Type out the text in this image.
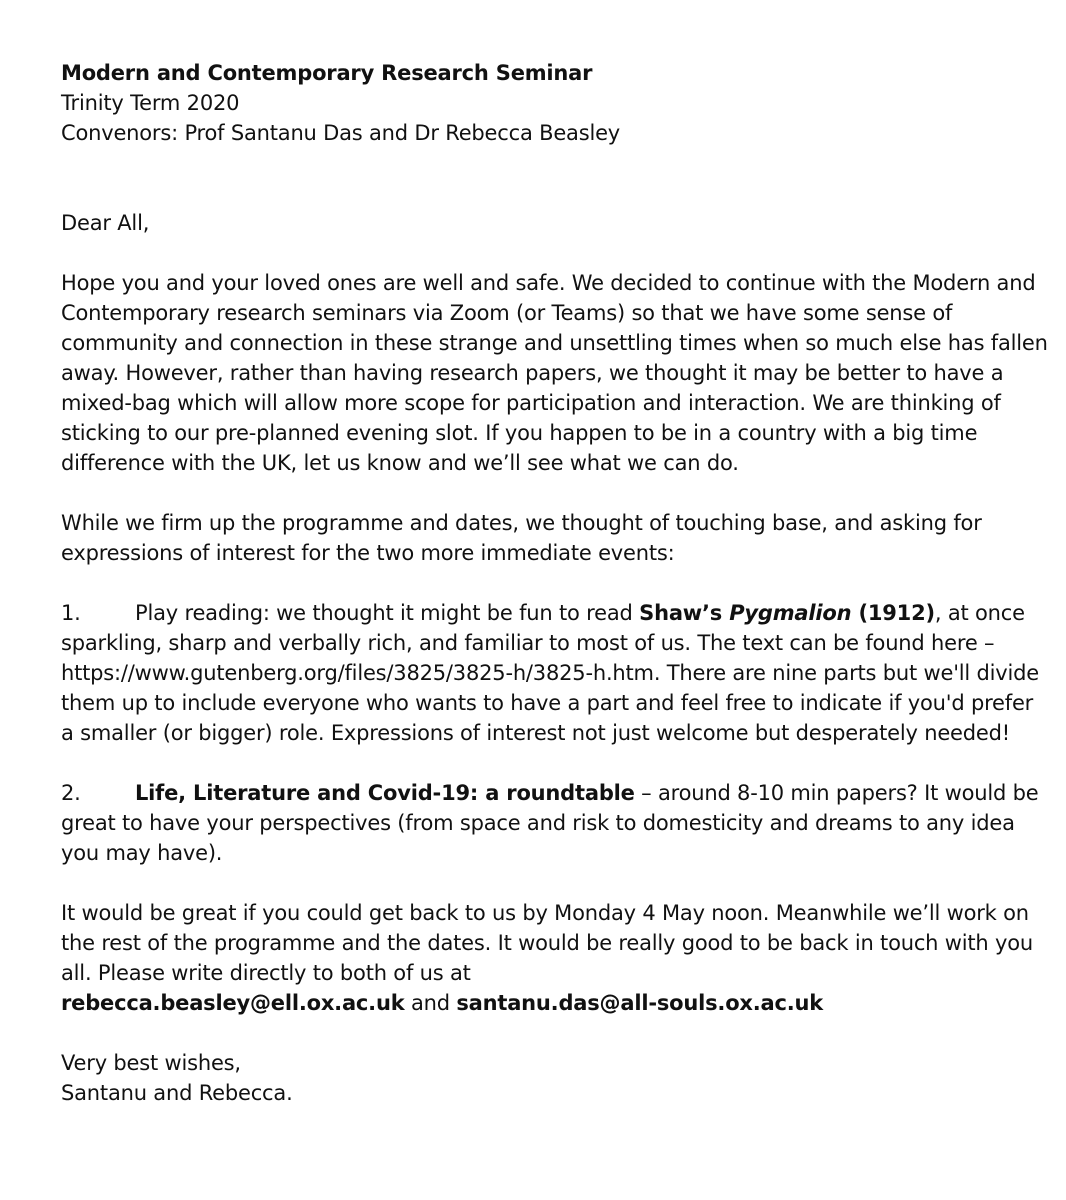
Modern and Contemporary Research Seminar
Trinity Term 2020
Convenors: Prof Santanu Das and Dr Rebecca Beasley

Dear All,

Hope you and your loved ones are well and safe. We decided to continue with the Modern and Contemporary research seminars via Zoom (or Teams) so that we have some sense of community and connection in these strange and unsettling times when so much else has fallen away. However, rather than having research papers, we thought it may be better to have a mixed-bag which will allow more scope for participation and interaction. We are thinking of sticking to our pre-planned evening slot. If you happen to be in a country with a big time difference with the UK, let us know and we’ll see what we can do.

While we firm up the programme and dates, we thought of touching base, and asking for expressions of interest for the two more immediate events:

1.	Play reading: we thought it might be fun to read Shaw’s Pygmalion (1912), at once sparkling, sharp and verbally rich, and familiar to most of us. The text can be found here – https://www.gutenberg.org/files/3825/3825-h/3825-h.htm. There are nine parts but we'll divide them up to include everyone who wants to have a part and feel free to indicate if you'd prefer a smaller (or bigger) role. Expressions of interest not just welcome but desperately needed!

2.	Life, Literature and Covid-19: a roundtable – around 8-10 min papers? It would be great to have your perspectives (from space and risk to domesticity and dreams to any idea you may have).

It would be great if you could get back to us by Monday 4 May noon. Meanwhile we’ll work on the rest of the programme and the dates. It would be really good to be back in touch with you all. Please write directly to both of us at
rebecca.beasley@ell.ox.ac.uk and santanu.das@all-souls.ox.ac.uk

Very best wishes,
Santanu and Rebecca.
